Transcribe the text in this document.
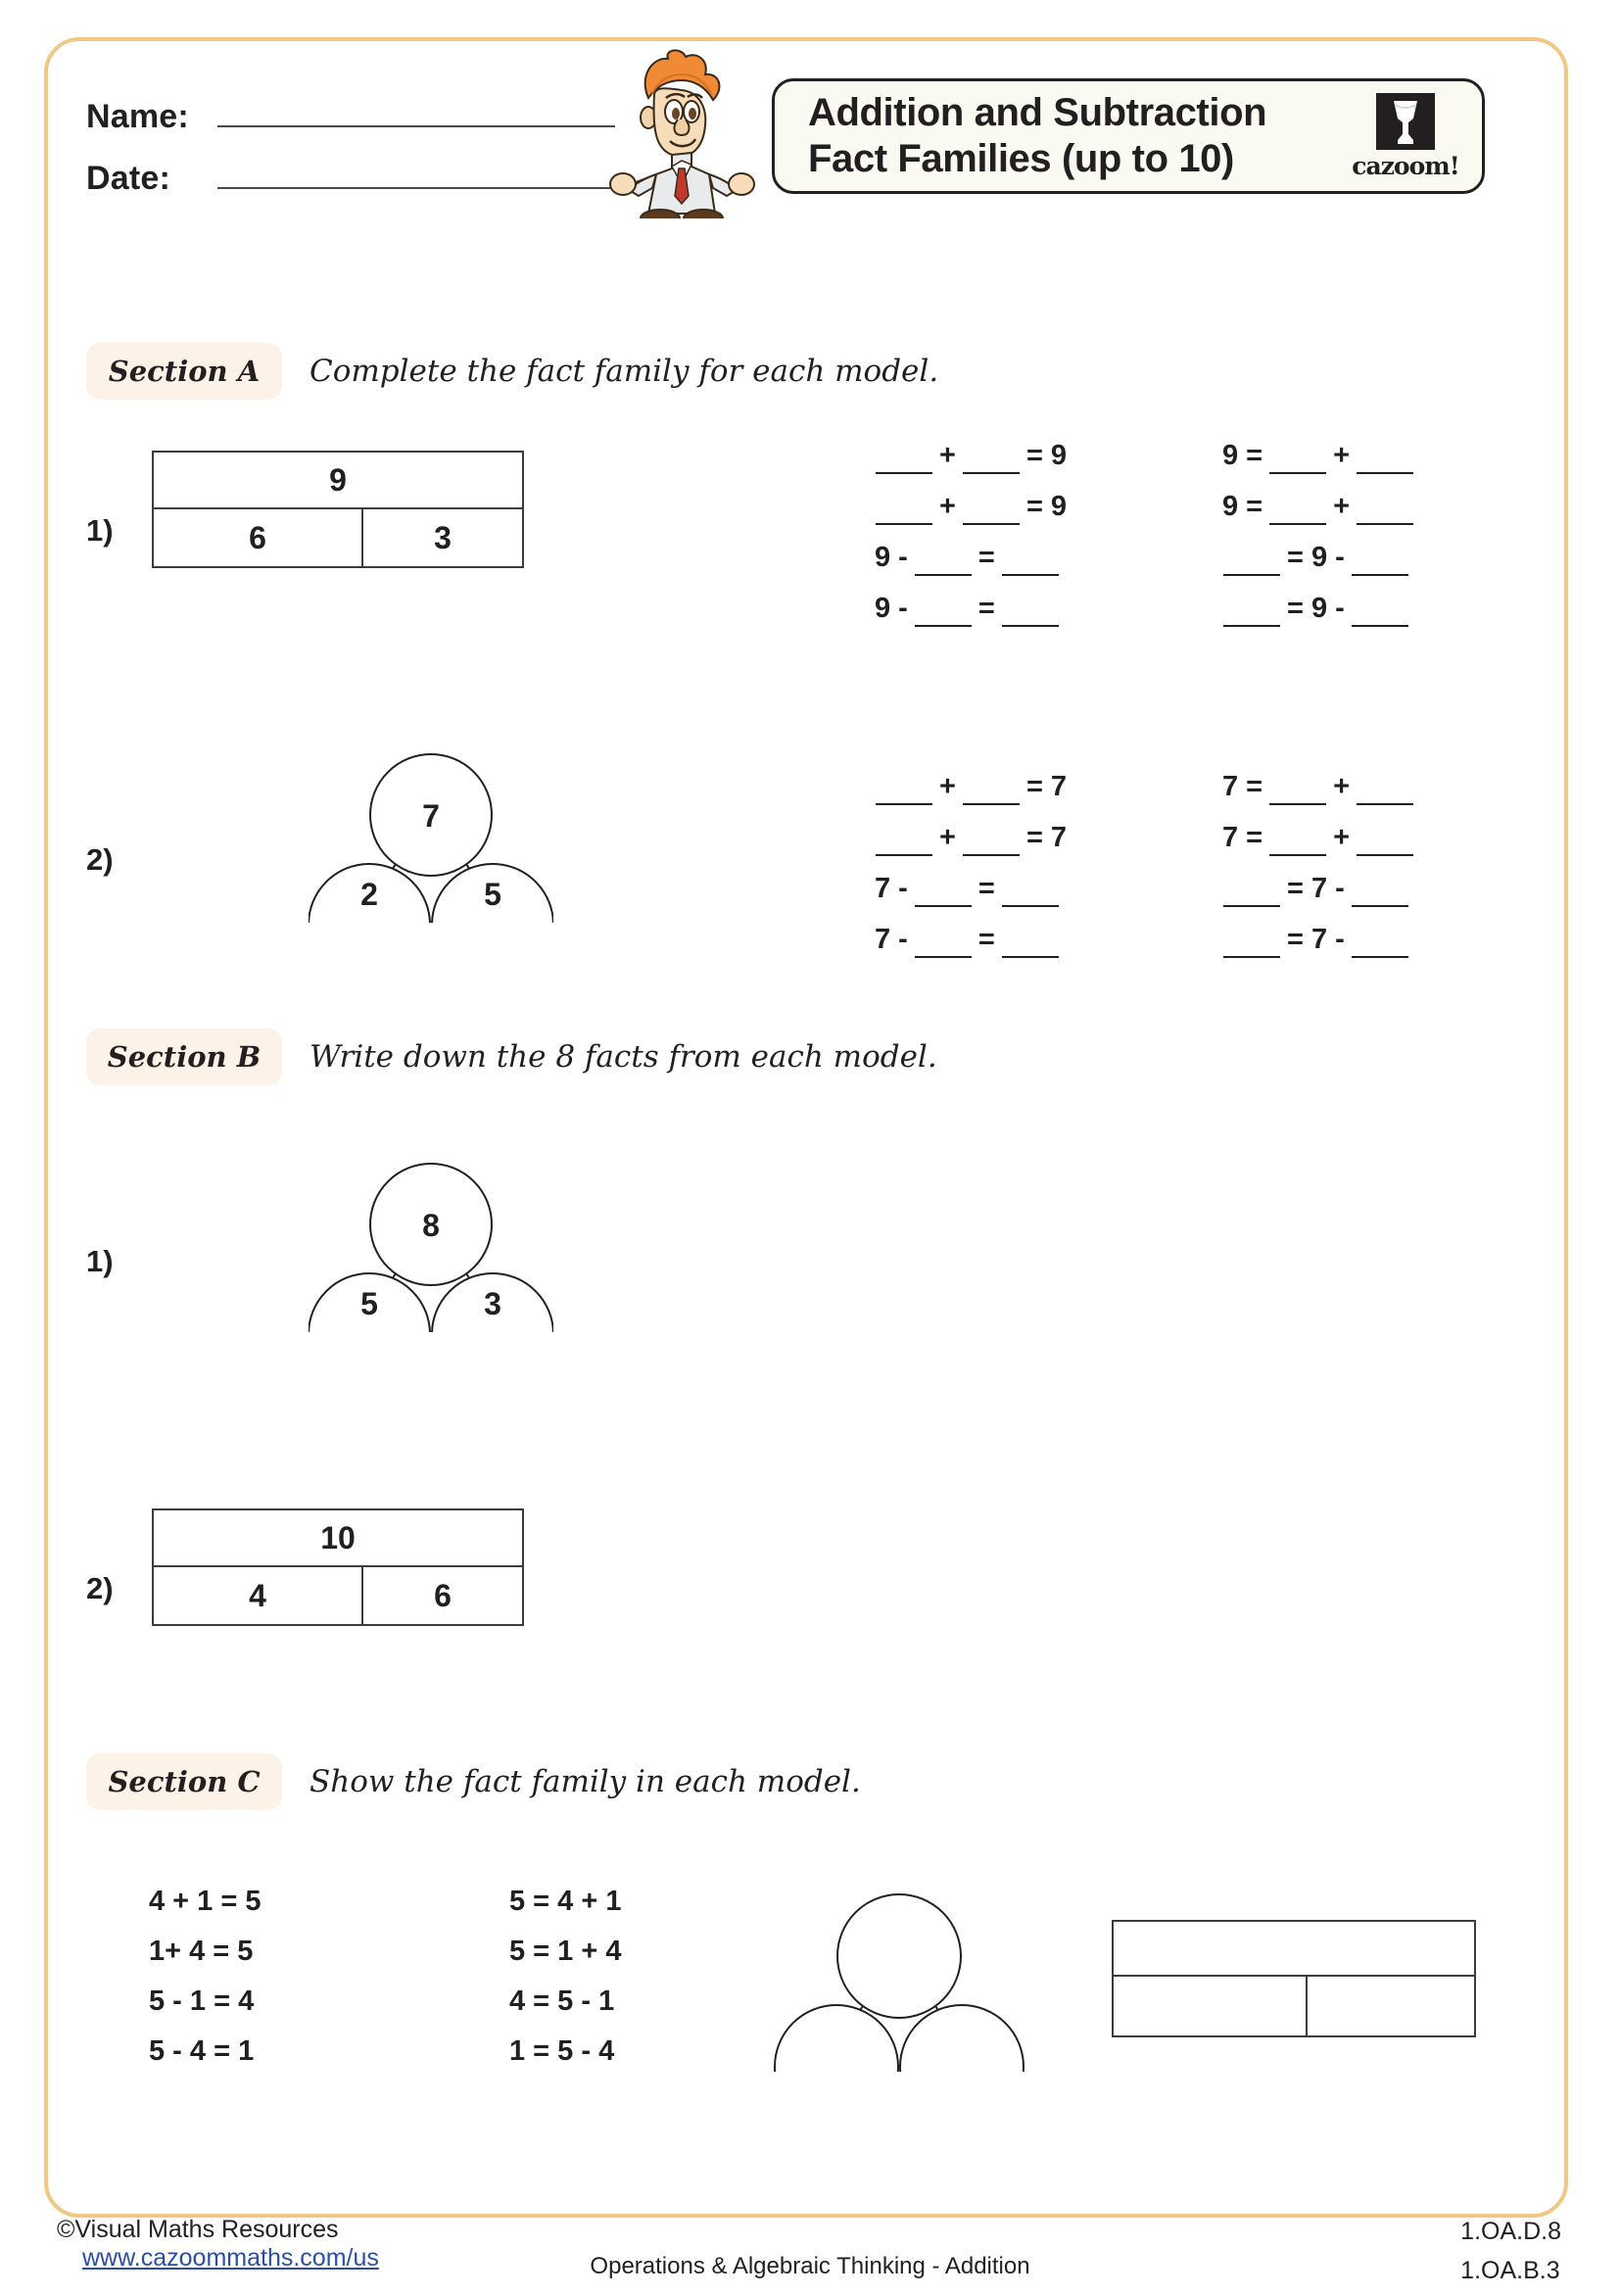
Name:
Date:
Addition and Subtraction
Fact Families (up to 10)	cazoom!
Section A	Complete the fact family for each model.
1)
9
6	3
+ = 9
+ = 9
9 - =
9 - =
9 = +
9 = +
= 9 -
= 9 -
2)
7
2	5
+ = 7
+ = 7
7 - =
7 - =
7 = +
7 = +
= 7 -
= 7 -
Section B	Write down the 8 facts from each model.
1)
8
5	3
2)
10
4	6
Section C	Show the fact family in each model.
4 + 1 = 5
1+ 4 = 5
5 - 1 = 4
5 - 4 = 1
5 = 4 + 1
5 = 1 + 4
4 = 5 - 1
1 = 5 - 4
©Visual Maths Resources
www.cazoommaths.com/us	Operations & Algebraic Thinking - Addition
1.OA.D.8
1.OA.B.3
